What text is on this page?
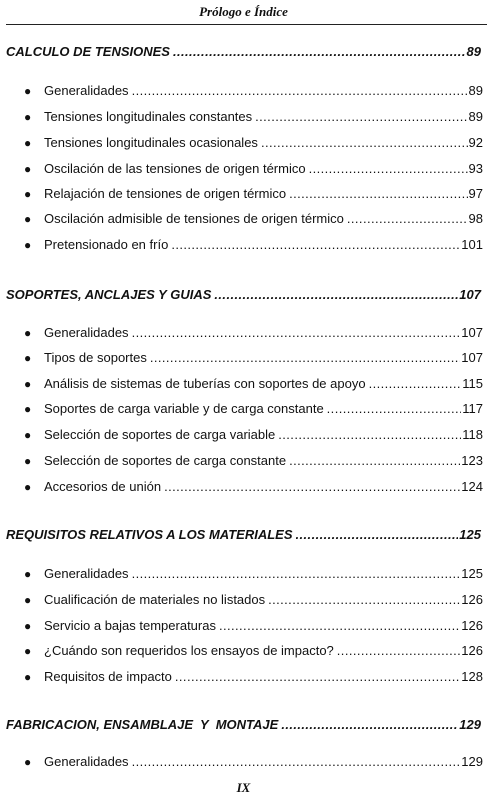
Prólogo e Índice
CALCULO DE TENSIONES .....	89
● Generalidades .....	89
● Tensiones longitudinales constantes .....	89
● Tensiones longitudinales ocasionales .....	92
● Oscilación de las tensiones de origen térmico .....	93
● Relajación de tensiones de origen térmico .....	97
● Oscilación admisible de tensiones de origen térmico .....	98
● Pretensionado en frío .....	101
SOPORTES, ANCLAJES Y GUIAS .....	107
● Generalidades .....	107
● Tipos de soportes .....	107
● Análisis de sistemas de tuberías con soportes de apoyo .....	115
● Soportes de carga variable y de carga constante .....	117
● Selección de soportes de carga variable .....	118
● Selección de soportes de carga constante .....	123
● Accesorios de unión .....	124
REQUISITOS RELATIVOS A LOS MATERIALES .....	125
● Generalidades .....	125
● Cualificación de materiales no listados .....	126
● Servicio a bajas temperaturas .....	126
● ¿Cuándo son requeridos los ensayos de impacto? .....	126
● Requisitos de impacto .....	128
FABRICACION, ENSAMBLAJE  Y  MONTAJE .....	129
● Generalidades .....	129
IX
